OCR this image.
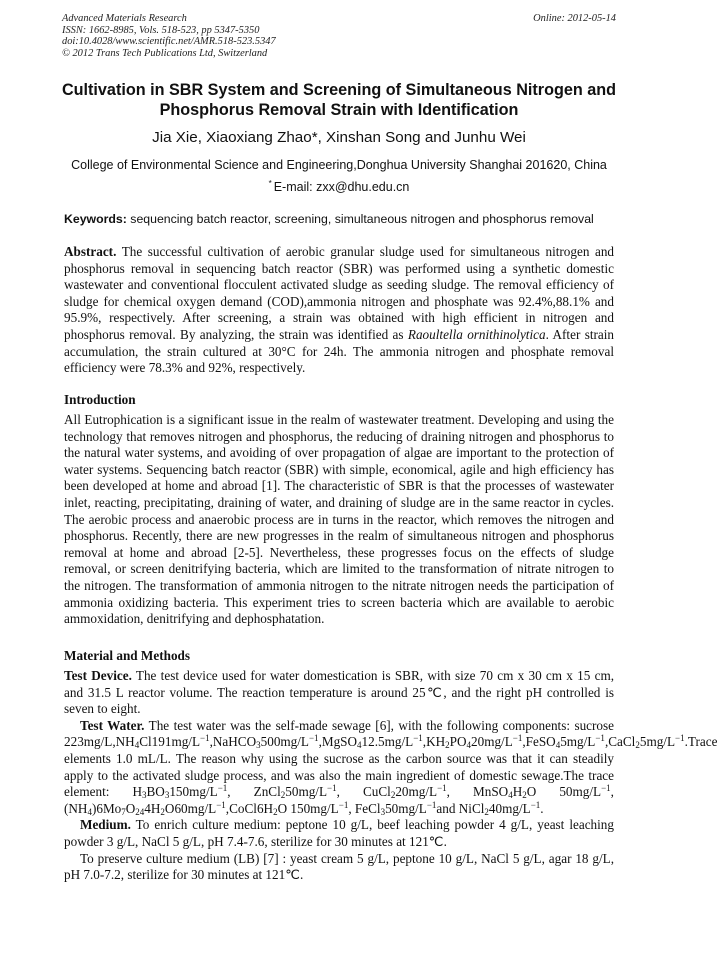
Advanced Materials Research
ISSN: 1662-8985, Vols. 518-523, pp 5347-5350
doi:10.4028/www.scientific.net/AMR.518-523.5347
© 2012 Trans Tech Publications Ltd, Switzerland
Online: 2012-05-14
Cultivation in SBR System and Screening of Simultaneous Nitrogen and Phosphorus Removal Strain with Identification
Jia Xie, Xiaoxiang Zhao*, Xinshan Song and Junhu Wei
College of Environmental Science and Engineering,Donghua University Shanghai 201620, China
* E-mail: zxx@dhu.edu.cn
Keywords: sequencing batch reactor, screening, simultaneous nitrogen and phosphorus removal

Abstract. The successful cultivation of aerobic granular sludge used for simultaneous nitrogen and phosphorus removal in sequencing batch reactor (SBR) was performed using a synthetic domestic wastewater and conventional flocculent activated sludge as seeding sludge. The removal efficiency of sludge for chemical oxygen demand (COD),ammonia nitrogen and phosphate was 92.4%,88.1% and 95.9%, respectively. After screening, a strain was obtained with high efficient in nitrogen and phosphorus removal. By analyzing, the strain was identified as Raoultella ornithinolytica. After strain accumulation, the strain cultured at 30°C for 24h. The ammonia nitrogen and phosphate removal efficiency were 78.3% and 92%, respectively.

Introduction

All Eutrophication is a significant issue in the realm of wastewater treatment. Developing and using the technology that removes nitrogen and phosphorus, the reducing of draining nitrogen and phosphorus to the natural water systems, and avoiding of over propagation of algae are important to the protection of water systems. Sequencing batch reactor (SBR) with simple, economical, agile and high efficiency has been developed at home and abroad [1]. The characteristic of SBR is that the processes of wastewater inlet, reacting, precipitating, draining of water, and draining of sludge are in the same reactor in cycles. The aerobic process and anaerobic process are in turns in the reactor, which removes the nitrogen and phosphorus. Recently, there are new progresses in the realm of simultaneous nitrogen and phosphorus removal at home and abroad [2-5]. Nevertheless, these progresses focus on the effects of sludge removal, or screen denitrifying bacteria, which are limited to the transformation of nitrate nitrogen to the nitrogen. The transformation of ammonia nitrogen to the nitrate nitrogen needs the participation of ammonia oxidizing bacteria. This experiment tries to screen bacteria which are available to aerobic ammoxidation, denitrifying and dephosphatation.

Material and Methods

Test Device. The test device used for water domestication is SBR, with size 70 cm x 30 cm x 15 cm, and 31.5 L reactor volume. The reaction temperature is around 25℃, and the right pH controlled is seven to eight.

Test Water. The test water was the self-made sewage [6], with the following components: sucrose $223mg/L,NH_4Cl191mg/L^{-1},NaHCO_3500mg/L^{-1},MgSO_412.5mg/L^{-1},KH_2PO_420mg/L^{-1},FeSO_45mg/L^{-1},CaCl_25mg/L^{-1}.Trace$ elements 1.0 mL/L. The reason why using the sucrose as the carbon source was that it can steadily apply to the activated sludge process, and was also the main ingredient of domestic sewage.The trace element: $H_3BO_3150mg/L^{-1}$, $ZnCl_250mg/L^{-1}$, $CuCl_220mg/L^{-1}$, $MnSO_4H_2O$ $50mg/L^{-1},(NH_4)6Mo_7O_{24}4H_2O60mg/L^{-1},CoCl6H_2O$ $150mg/L^{-1}$, $FeCl_350mg/L^{-1}and$ $NiCl_240mg/L^{-1}$.

Medium. To enrich culture medium: peptone 10 g/L, beef leaching powder 4 g/L, yeast leaching powder 3 g/L, NaCl 5 g/L, pH 7.4-7.6, sterilize for 30 minutes at 121℃.

To preserve culture medium (LB) [7] : yeast cream 5 g/L, peptone 10 g/L, NaCl 5 g/L, agar 18 g/L, pH 7.0-7.2, sterilize for 30 minutes at 121℃.
